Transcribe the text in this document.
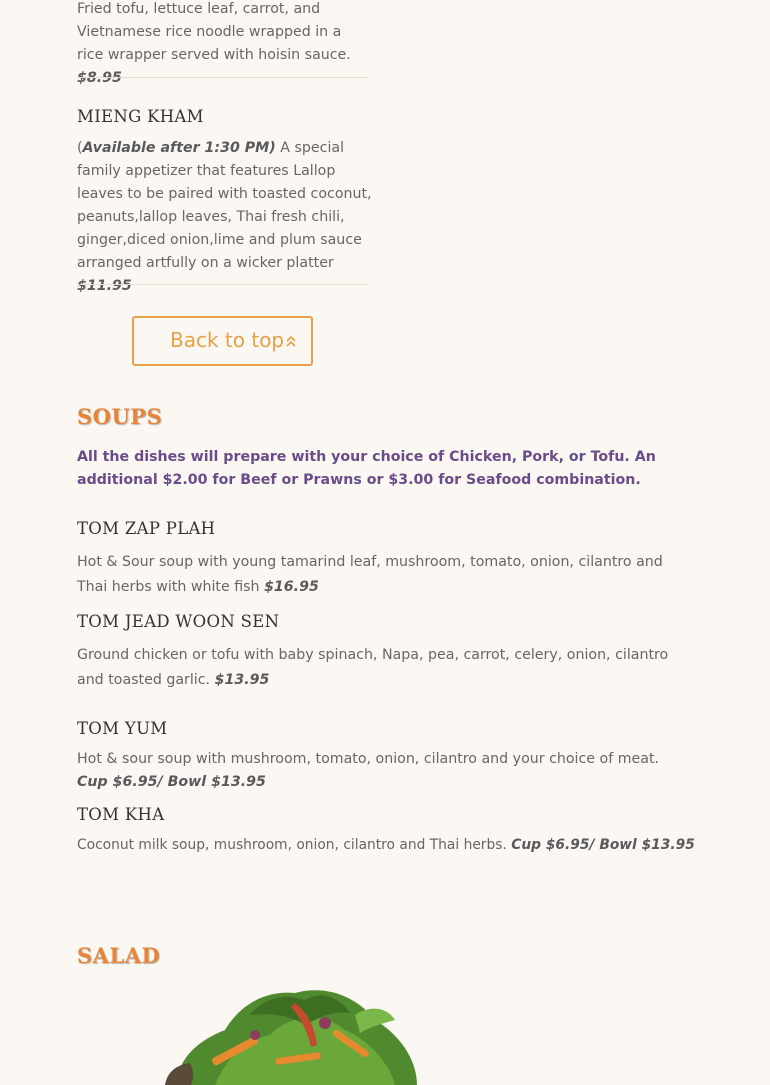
Fried tofu, lettuce leaf, carrot, and Vietnamese rice noodle wrapped in a rice wrapper served with hoisin sauce. $8.95
MIENG KHAM
(Available after 1:30 PM) A special family appetizer that features Lallop leaves to be paired with toasted coconut, peanuts,lallop leaves, Thai fresh chili, ginger,diced onion,lime and plum sauce arranged artfully on a wicker platter $11.95
SOUPS
All the dishes will prepare with your choice of Chicken, Pork, or Tofu. An additional $2.00 for Beef or Prawns or $3.00 for Seafood combination.
TOM ZAP PLAH
Hot & Sour soup with young tamarind leaf, mushroom, tomato, onion, cilantro and Thai herbs with white fish $16.95
TOM JEAD WOON SEN
Ground chicken or tofu with baby spinach, Napa, pea, carrot, celery, onion, cilantro and toasted garlic. $13.95
TOM YUM
Hot & sour soup with mushroom, tomato, onion, cilantro and your choice of meat.  Cup $6.95/ Bowl $13.95
TOM KHA
Coconut milk soup, mushroom, onion, cilantro and Thai herbs. Cup $6.95/ Bowl $13.95
SALAD
Back to top
